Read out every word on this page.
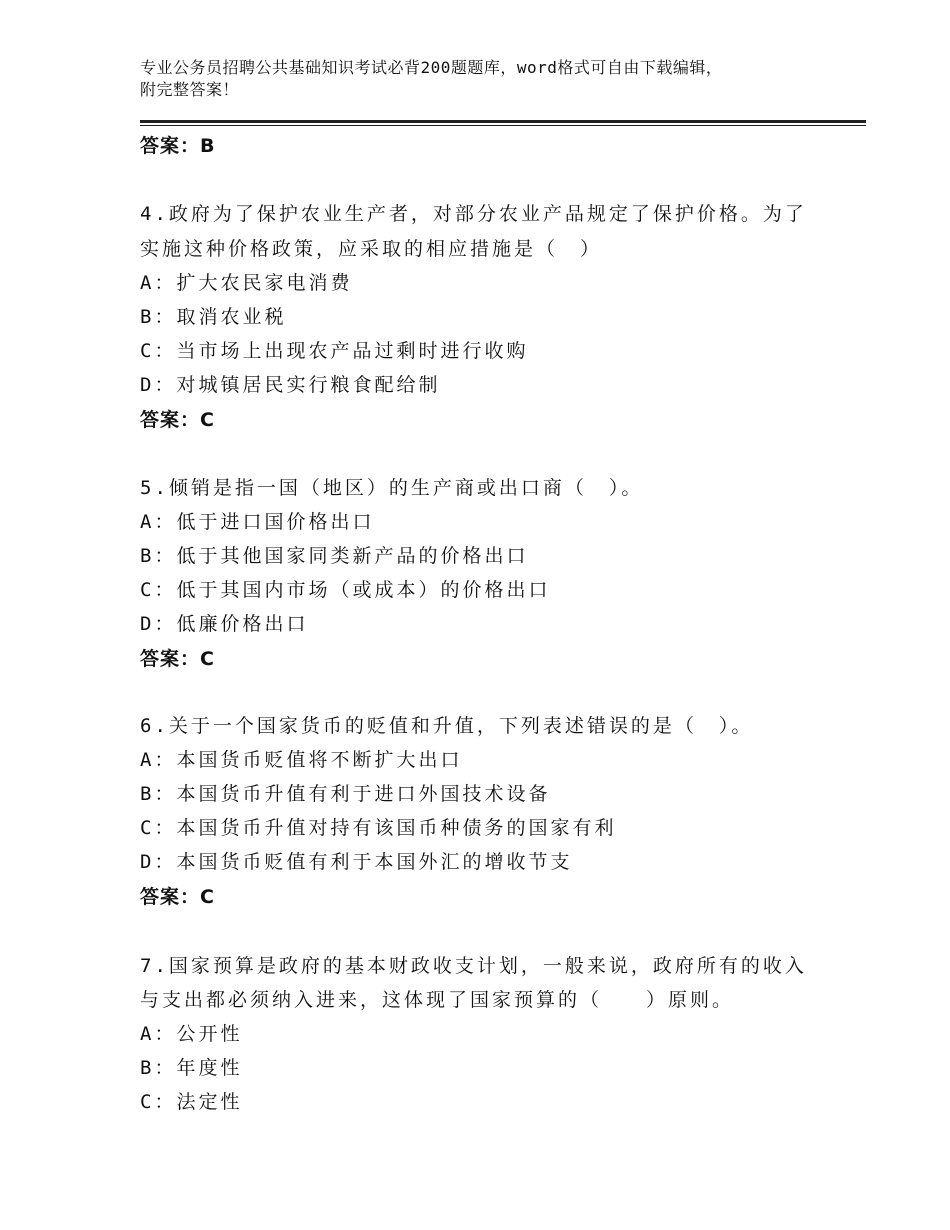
专业公务员招聘公共基础知识考试必背200题题库，word格式可自由下载编辑，
附完整答案！
答案：B
4.政府为了保护农业生产者，对部分农业产品规定了保护价格。为了
实施这种价格政策，应采取的相应措施是（　）
A：扩大农民家电消费
B：取消农业税
C：当市场上出现农产品过剩时进行收购
D：对城镇居民实行粮食配给制
答案：C
5.倾销是指一国（地区）的生产商或出口商（　）。
A：低于进口国价格出口
B：低于其他国家同类新产品的价格出口
C：低于其国内市场（或成本）的价格出口
D：低廉价格出口
答案：C
6.关于一个国家货币的贬值和升值，下列表述错误的是（　）。
A：本国货币贬值将不断扩大出口
B：本国货币升值有利于进口外国技术设备
C：本国货币升值对持有该国币种债务的国家有利
D：本国货币贬值有利于本国外汇的增收节支
答案：C
7.国家预算是政府的基本财政收支计划，一般来说，政府所有的收入
与支出都必须纳入进来，这体现了国家预算的（　　）原则。
A：公开性
B：年度性
C：法定性
